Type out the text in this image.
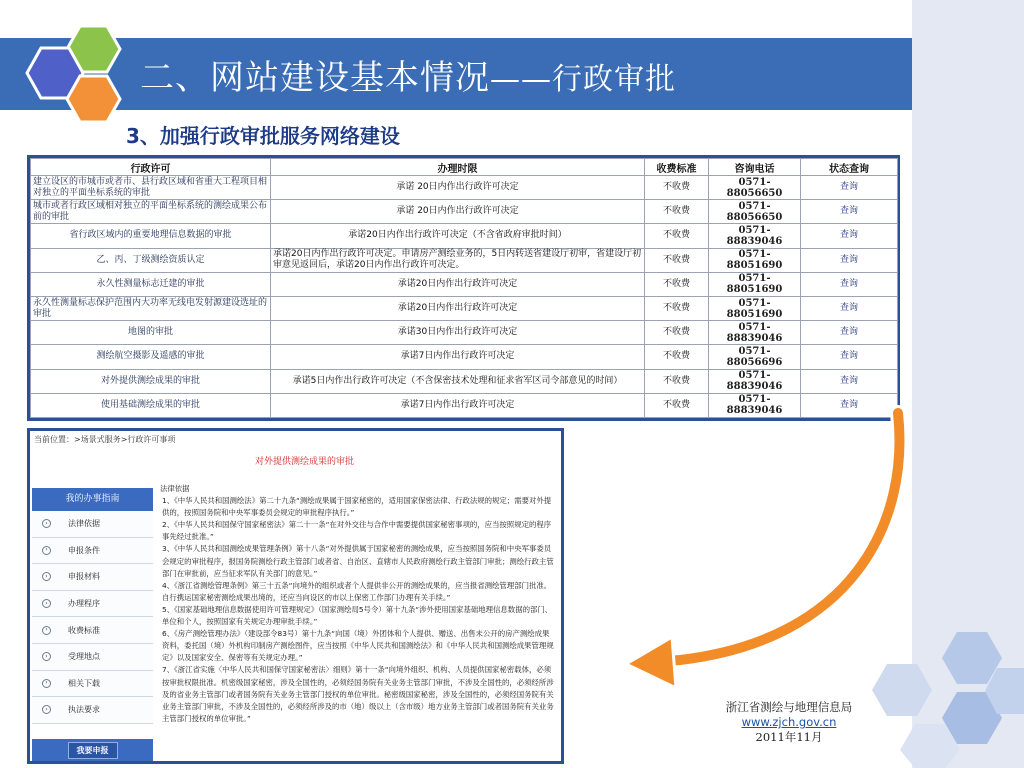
二、网站建设基本情况——行政审批
3、加强行政审批服务网络建设
行政许可	办理时限	收费标准	咨询电话	状态查询
建立设区的市城市或者市、县行政区域和省重大工程项目相对独立的平面坐标系统的审批	承诺 20日内作出行政许可决定	不收费	0571-88056650	查询
城市或者行政区域相对独立的平面坐标系统的测绘成果公布前的审批	承诺 20日内作出行政许可决定	不收费	0571-88056650	查询
省行政区域内的重要地理信息数据的审批	承诺20日内作出行政许可决定（不含省政府审批时间）	不收费	0571-88839046	查询
乙、丙、丁级测绘资质认定	承诺20日内作出行政许可决定。申请房产测绘业务的，5日内转送省建设厅初审，省建设厅初审意见返回后，承诺20日内作出行政许可决定。	不收费	0571-88051690	查询
永久性测量标志迁建的审批	承诺20日内作出行政许可决定	不收费	0571-88051690	查询
永久性测量标志保护范围内大功率无线电发射源建设选址的审批	承诺20日内作出行政许可决定	不收费	0571-88051690	查询
地图的审批	承诺30日内作出行政许可决定	不收费	0571-88839046	查询
测绘航空摄影及遥感的审批	承诺7日内作出行政许可决定	不收费	0571-88056696	查询
对外提供测绘成果的审批	承诺5日内作出行政许可决定（不含保密技术处理和征求省军区司令部意见的时间）	不收费	0571-88839046	查询
使用基础测绘成果的审批	承诺7日内作出行政许可决定	不收费	0571-88839046	查询
当前位置：>场景式服务>行政许可事项
对外提供测绘成果的审批
我的办事指南
›	法律依据
›	申报条件
›	申报材料
›	办理程序
›	收费标准
›	受理地点
›	相关下载
›	执法要求
我要申报

法律依据

1、《中华人民共和国测绘法》第二十九条“测绘成果属于国家秘密的，适用国家保密法律、行政法规的规定；需要对外提供的，按照国务院和中央军事委员会规定的审批程序执行。”

2、《中华人民共和国保守国家秘密法》第二十一条“在对外交往与合作中需要提供国家秘密事项的，应当按照规定的程序事先经过批准。”

3、《中华人民共和国测绘成果管理条例》第十八条“对外提供属于国家秘密的测绘成果，应当按照国务院和中央军事委员会规定的审批程序，报国务院测绘行政主管部门或者省、自治区、直辖市人民政府测绘行政主管部门审批；测绘行政主管部门在审批前，应当征求军队有关部门的意见。”

4、《浙江省测绘管理条例》第三十五条“向境外的组织或者个人提供非公开的测绘成果的，应当报省测绘管理部门批准。自行携运国家秘密测绘成果出境的，还应当向设区的市以上保密工作部门办理有关手续。”

5、《国家基础地理信息数据使用许可管理规定》（国家测绘局5号令）第十九条“涉外使用国家基础地理信息数据的部门、单位和个人，按照国家有关规定办理审批手续。”

6、《房产测绘管理办法》（建设部令83号）第十九条“向国（境）外团体和个人提供、赠送、出售未公开的房产测绘成果资料，委托国（境）外机构印制房产测绘图件，应当按照《中华人民共和国测绘法》和《中华人民共和国测绘成果管理规定》以及国家安全、保密等有关规定办理。”

7、《浙江省实施〈中华人民共和国保守国家秘密法〉细则》第十一条“向境外组织、机构、人员提供国家秘密载体，必须按审批权限批准。机密级国家秘密，涉及全国性的，必须经国务院有关业务主管部门审批，不涉及全国性的，必须经所涉及的省业务主管部门或者国务院有关业务主管部门授权的单位审批。秘密级国家秘密，涉及全国性的，必须经国务院有关业务主管部门审批，不涉及全国性的，必须经所涉及的市（地）级以上（含市级）地方业务主管部门或者国务院有关业务主管部门授权的单位审批。”

浙江省测绘与地理信息局
www.zjch.gov.cn
2011年11月
